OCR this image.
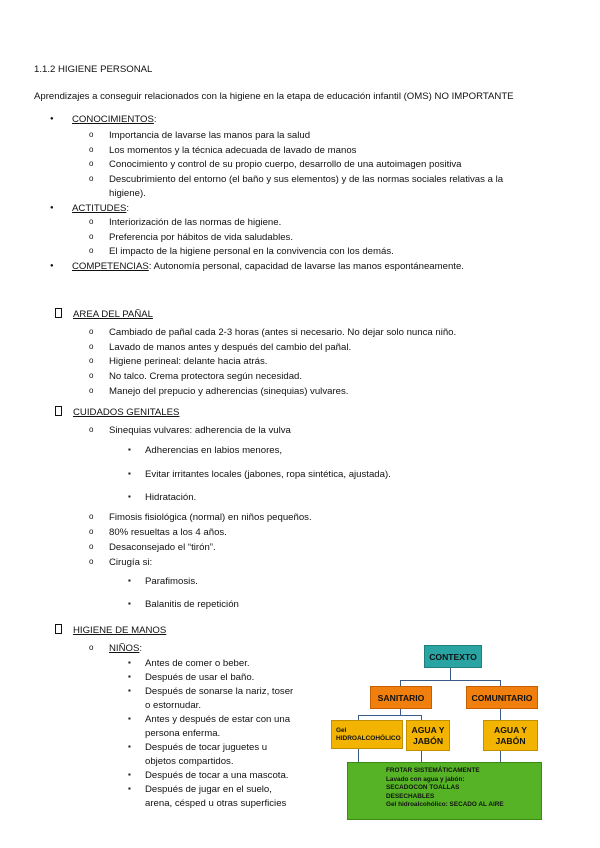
1.1.2 HIGIENE PERSONAL
Aprendizajes a conseguir relacionados con la higiene en la etapa de educación infantil (OMS) NO IMPORTANTE
● CONOCIMIENTOS:
o Importancia de lavarse las manos para la salud
o Los momentos y la técnica adecuada de lavado de manos
o Conocimiento y control de su propio cuerpo, desarrollo de una autoimagen positiva
o Descubrimiento del entorno (el baño y sus elementos) y de las normas sociales relativas a la
higiene).
● ACTITUDES:
o Interiorización de las normas de higiene.
o Preferencia por hábitos de vida saludables.
o El impacto de la higiene personal en la convivencia con los demás.
● COMPETENCIAS: Autonomía personal, capacidad de lavarse las manos espontáneamente.
AREA DEL PAÑAL
o Cambiado de pañal cada 2-3 horas (antes si necesario. No dejar solo nunca niño.
o Lavado de manos antes y después del cambio del pañal.
o Higiene perineal: delante hacia atrás.
o No talco. Crema protectora según necesidad.
o Manejo del prepucio y adherencias (sinequias) vulvares.
CUIDADOS GENITALES
o Sinequias vulvares: adherencia de la vulva
▪ Adherencias en labios menores,
▪ Evitar irritantes locales (jabones, ropa sintética, ajustada).
▪ Hidratación.
o Fimosis fisiológica (normal) en niños pequeños.
o 80% resueltas a los 4 años.
o Desaconsejado el “tirón”.
o Cirugía si:
▪ Parafimosis.
▪ Balanitis de repetición
HIGIENE DE MANOS
o NIÑOS:
▪ Antes de comer o beber.
▪ Después de usar el baño.
▪ Después de sonarse la nariz, toser
o estornudar.
▪ Antes y después de estar con una
persona enferma.
▪ Después de tocar juguetes u
objetos compartidos.
▪ Después de tocar a una mascota.
▪ Después de jugar en el suelo,
arena, césped u otras superficies
CONTEXTO
SANITARIO	COMUNITARIO
Gel
HIDROALCOHÓLICO
AGUA Y
JABÓN
AGUA Y
JABÓN
FROTAR SISTEMÁTICAMENTE
Lavado con agua y jabón:
SECADOCON TOALLAS
DESECHABLES
Gel hidroalcohólico: SECADO AL AIRE
